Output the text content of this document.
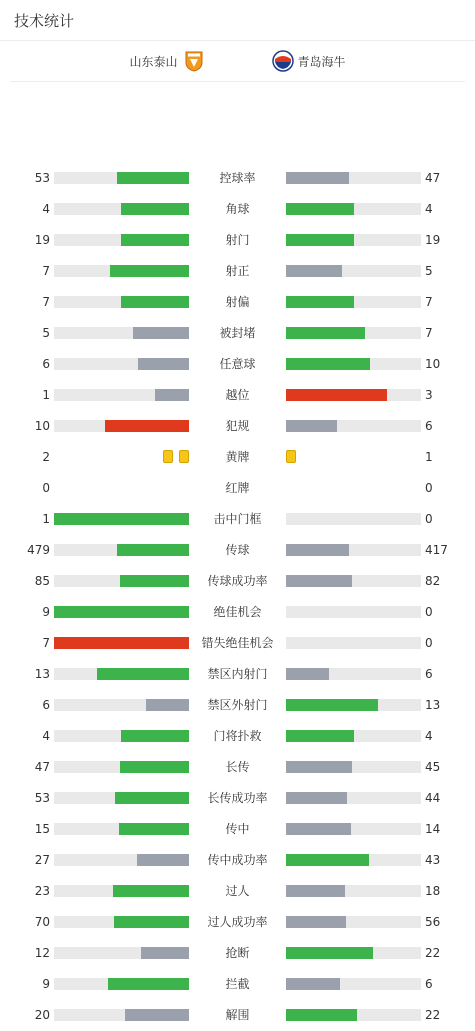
技术统计
山东泰山	青岛海牛
53	控球率	47
4	角球	4
19	射门	19
7	射正	5
7	射偏	7
5	被封堵	7
6	任意球	10
1	越位	3
10	犯规	6
2	黄牌	1
0	红牌	0
1	击中门框	0
479	传球	417
85	传球成功率	82
9	绝佳机会	0
7	错失绝佳机会	0
13	禁区内射门	6
6	禁区外射门	13
4	门将扑救	4
47	长传	45
53	长传成功率	44
15	传中	14
27	传中成功率	43
23	过人	18
70	过人成功率	56
12	抢断	22
9	拦截	6
20	解围	22
